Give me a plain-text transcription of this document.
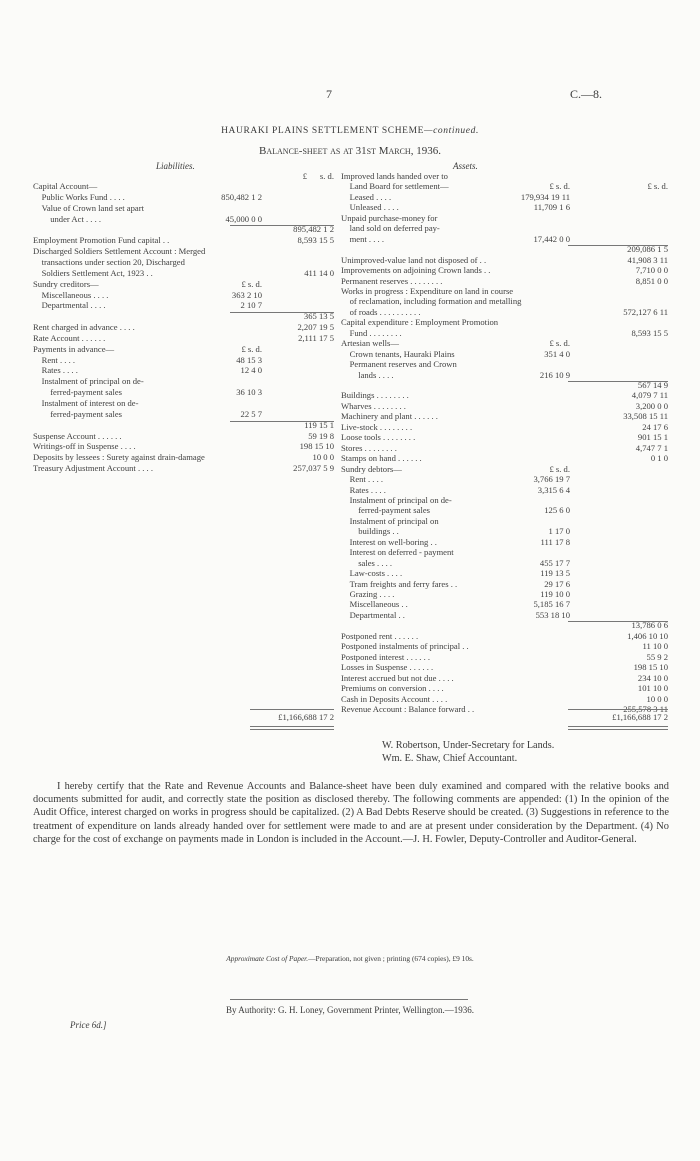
7	C.—8.
HAURAKI PLAINS SETTLEMENT SCHEME—continued.
Balance-sheet as at 31st March, 1936.
Liabilities.	Assets.
Capital Account—
Public Works Fund . . . .	850,482 1 2
Value of Crown land set apart
under Act . . . .	45,000 0 0
895,482 1 2
Employment Promotion Fund capital . .	8,593 15 5
Discharged Soldiers Settlement Account : Merged
transactions under section 20, Discharged
Soldiers Settlement Act, 1923 . .	411 14 0
Sundry creditors—	£ s. d.
Miscellaneous . . . .	363 2 10
Departmental . . . .	2 10 7
365 13 5
Rent charged in advance . . . .	2,207 19 5
Rate Account . . . . . .	2,111 17 5
Payments in advance—	£ s. d.
Rent . . . .	48 15 3
Rates . . . .	12 4 0
Instalment of principal on de-
ferred-payment sales	36 10 3
Instalment of interest on de-
ferred-payment sales	22 5 7
119 15 1
Suspense Account . . . . . .	59 19 8
Writings-off in Suspense . . . .	198 15 10
Deposits by lessees : Surety against drain-damage	10 0 0
Treasury Adjustment Account . . . .	257,037 5 9
Improved lands handed over to
Land Board for settlement—	£ s. d.	£ s. d.
Leased . . . .	179,934 19 11
Unleased . . . .	11,709 1 6
Unpaid purchase-money for
land sold on deferred pay-
ment . . . .	17,442 0 0
209,086 1 5
Unimproved-value land not disposed of . .	41,908 3 11
Improvements on adjoining Crown lands . .	7,710 0 0
Permanent reserves . . . . . . . .	8,851 0 0
Works in progress : Expenditure on land in course
of reclamation, including formation and metalling
of roads . . . . . . . . . .	572,127 6 11
Capital expenditure : Employment Promotion
Fund . . . . . . . .	8,593 15 5
Artesian wells—	£ s. d.
Crown tenants, Hauraki Plains	351 4 0
Permanent reserves and Crown
lands . . . .	216 10 9
567 14 9
Buildings . . . . . . . .	4,079 7 11
Wharves . . . . . . . .	3,200 0 0
Machinery and plant . . . . . .	33,508 15 11
Live-stock . . . . . . . .	24 17 6
Loose tools . . . . . . . .	901 15 1
Stores . . . . . . . .	4,747 7 1
Stamps on hand . . . . . .	0 1 0
Sundry debtors—	£ s. d.
Rent . . . .	3,766 19 7
Rates . . . .	3,315 6 4
Instalment of principal on de-
ferred-payment sales	125 6 0
Instalment of principal on
buildings . .	1 17 0
Interest on well-boring . .	111 17 8
Interest on deferred - payment
sales . . . .	455 17 7
Law-costs . . . .	119 13 5
Tram freights and ferry fares . .	29 17 6
Grazing . . . .	119 10 0
Miscellaneous . .	5,185 16 7
Departmental . .	553 18 10
13,786 0 6
Postponed rent . . . . . .	1,406 10 10
Postponed instalments of principal . .	11 10 0
Postponed interest . . . . . .	55 9 2
Losses in Suspense . . . . . .	198 15 10
Interest accrued but not due . . . .	234 10 0
Premiums on conversion . . . .	101 10 0
Cash in Deposits Account . . . .	10 0 0
Revenue Account : Balance forward . .	255,578 3 11
£      s. d.
£1,166,688 17 2	£1,166,688 17 2
W. Robertson, Under-Secretary for Lands.
Wm. E. Shaw, Chief Accountant.
I hereby certify that the Rate and Revenue Accounts and Balance-sheet have been duly examined and compared with the relative books and documents submitted for audit, and correctly state the position as disclosed thereby. The following comments are appended: (1) In the opinion of the Audit Office, interest charged on works in progress should be capitalized. (2) A Bad Debts Reserve should be created. (3) Suggestions in reference to the treatment of expenditure on lands already handed over for settlement were made to and are at present under consideration by the Department. (4) No charge for the cost of exchange on payments made in London is included in the Account.—J. H. Fowler, Deputy-Controller and Auditor-General.
Approximate Cost of Paper.—Preparation, not given ; printing (674 copies), £9 10s.
By Authority: G. H. Loney, Government Printer, Wellington.—1936.
Price 6d.]
